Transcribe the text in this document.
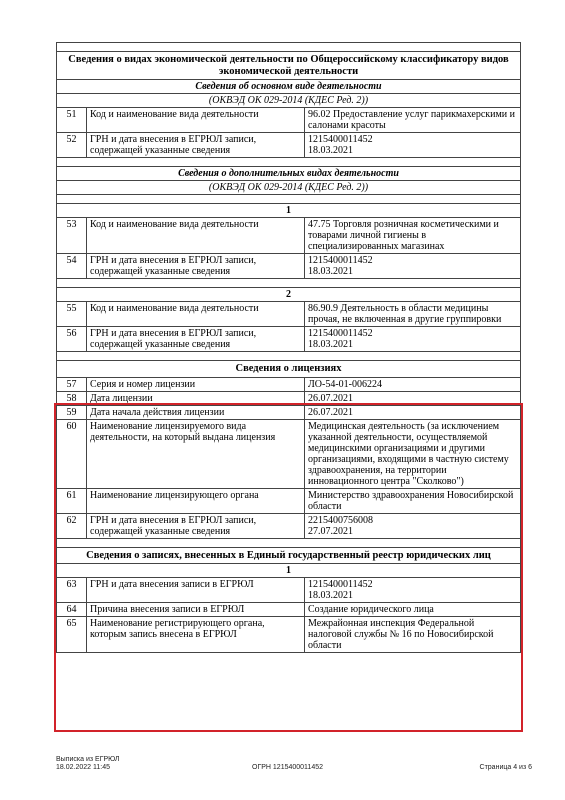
Сведения о видах экономической деятельности по Общероссийскому классификатору видов экономической деятельности		
Сведения об основном виде деятельности		
(ОКВЭД ОК 029-2014 (КДЕС Ред. 2))		
51	Код и наименование вида деятельности	96.02 Предоставление услуг парикмахерскими и салонами красоты
52	ГРН и дата внесения в ЕГРЮЛ записи, содержащей указанные сведения	1215400011452
18.03.2021

Сведения о дополнительных видах деятельности		
(ОКВЭД ОК 029-2014 (КДЕС Ред. 2))		

1		
53	Код и наименование вида деятельности	47.75 Торговля розничная косметическими и товарами личной гигиены в специализированных магазинах
54	ГРН и дата внесения в ЕГРЮЛ записи, содержащей указанные сведения	1215400011452
18.03.2021

2		
55	Код и наименование вида деятельности	86.90.9 Деятельность в области медицины прочая, не включенная в другие группировки
56	ГРН и дата внесения в ЕГРЮЛ записи, содержащей указанные сведения	1215400011452
18.03.2021

Сведения о лицензиях		
57	Серия и номер лицензии	ЛО-54-01-006224
58	Дата лицензии	26.07.2021
59	Дата начала действия лицензии	26.07.2021
60	Наименование лицензируемого вида деятельности, на который выдана лицензия	Медицинская деятельность (за исключением указанной деятельности, осуществляемой медицинскими организациями и другими организациями, входящими в частную систему здравоохранения, на территории инновационного центра "Сколково")
61	Наименование лицензирующего органа	Министерство здравоохранения Новосибирской области
62	ГРН и дата внесения в ЕГРЮЛ записи, содержащей указанные сведения	2215400756008
27.07.2021

Сведения о записях, внесенных в Единый государственный реестр юридических лиц		
1		
63	ГРН и дата внесения записи в ЕГРЮЛ	1215400011452
18.03.2021
64	Причина внесения записи в ЕГРЮЛ	Создание юридического лица
65	Наименование регистрирующего органа, которым запись внесена в ЕГРЮЛ	Межрайонная инспекция Федеральной налоговой службы № 16 по Новосибирской области
Выписка из ЕГРЮЛ
18.02.2022 11:45	ОГРН 1215400011452	Страница 4 из 6
